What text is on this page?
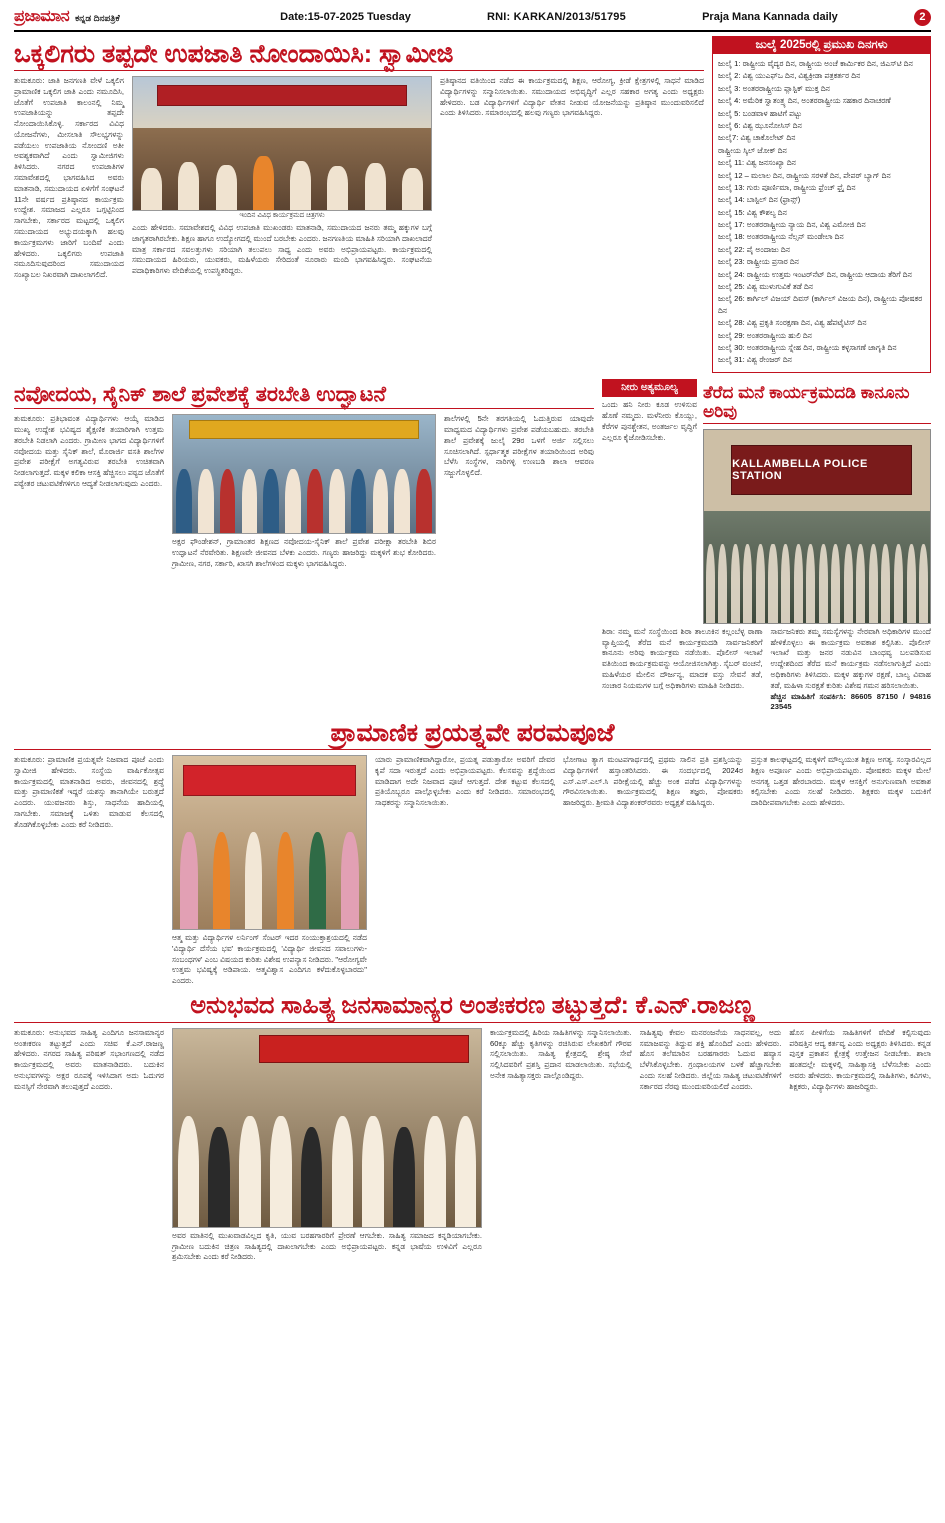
ಪ್ರಜಾಮಾನ ಕನ್ನಡ ದಿನಪತ್ರಿಕೆ	Date:15-07-2025 Tuesday	RNI: KARKAN/2013/51795	Praja Mana Kannada daily	2
ಒಕ್ಕಲಿಗರು ತಪ್ಪದೇ ಉಪಜಾತಿ ನೋಂದಾಯಿಸಿ: ಸ್ವಾಮೀಜಿ
ತುಮಕೂರು: ಜಾತಿ ಜನಗಣತಿ ವೇಳೆ ಒಕ್ಕಲಿಗ ಪ್ರಾಮಾಣಿಕ ಒಕ್ಕಲಿಗ ಜಾತಿ ಎಂದು ನಮೂದಿಸಿ, ಜೊತೆಗೆ ಉಪಜಾತಿ ಕಾಲಂನಲ್ಲಿ ನಿಮ್ಮ ಉಪಜಾತಿಯನ್ನು ತಪ್ಪದೇ ನೋಂದಾಯಿಸಿಕೊಳ್ಳಿ. ಸರ್ಕಾರದ ವಿವಿಧ ಯೋಜನೆಗಳು, ಮೀಸಲಾತಿ ಸೌಲಭ್ಯಗಳನ್ನು ಪಡೆಯಲು ಉಪಜಾತಿಯ ನೋಂದಣಿ ಅತೀ ಅವಶ್ಯಕವಾಗಿದೆ ಎಂದು ಸ್ವಾಮೀಜಿಗಳು ತಿಳಿಸಿದರು. ನಗರದ ಉಪಜಾತಿಗಳ ಸಮಾವೇಶದಲ್ಲಿ ಭಾಗವಹಿಸಿದ ಅವರು ಮಾತನಾಡಿ, ಸಮುದಾಯದ ಏಳಿಗೆಗೆ ಸಂಘಟನೆ 11ನೇ ವರ್ಷದ ಪ್ರತಿಷ್ಠಾನದ ಕಾರ್ಯಕ್ರಮ ಉದ್ದೇಶ. ಸಮಾಜದ ಎಲ್ಲರೂ ಒಗ್ಗಟ್ಟಿನಿಂದ ಸಾಗಬೇಕು, ಸರ್ಕಾರದ ಮಟ್ಟದಲ್ಲಿ ಒಕ್ಕಲಿಗ ಸಮುದಾಯದ ಅಭ್ಯುದಯಕ್ಕಾಗಿ ಹಲವು ಕಾರ್ಯಕ್ರಮಗಳು ಜಾರಿಗೆ ಬಂದಿವೆ ಎಂದು ಹೇಳಿದರು. ಒಕ್ಕಲಿಗರು ಉಪಜಾತಿ ನಮೂದಿಸುವುದರಿಂದ ಸಮುದಾಯದ ಸಂಖ್ಯಾಬಲ ನಿಖರವಾಗಿ ದಾಖಲಾಗಲಿದೆ.
ಇಂದಿನ ವಿವಿಧ ಕಾರ್ಯಕ್ರಮದ ಚಿತ್ರಗಳು
ಎಂದು ಹೇಳಿದರು. ಸಮಾವೇಶದಲ್ಲಿ ವಿವಿಧ ಉಪಜಾತಿ ಮುಖಂಡರು ಮಾತನಾಡಿ, ಸಮುದಾಯದ ಜನರು ತಮ್ಮ ಹಕ್ಕುಗಳ ಬಗ್ಗೆ ಜಾಗೃತರಾಗಿರಬೇಕು. ಶಿಕ್ಷಣ ಹಾಗೂ ಉದ್ಯೋಗದಲ್ಲಿ ಮುಂದೆ ಬರಬೇಕು ಎಂದರು. ಜನಗಣತಿಯ ಮಾಹಿತಿ ಸರಿಯಾಗಿ ದಾಖಲಾದರೆ ಮಾತ್ರ ಸರ್ಕಾರದ ಸವಲತ್ತುಗಳು ಸರಿಯಾಗಿ ತಲುಪಲು ಸಾಧ್ಯ ಎಂದು ಅವರು ಅಭಿಪ್ರಾಯಪಟ್ಟರು. ಕಾರ್ಯಕ್ರಮದಲ್ಲಿ ಸಮುದಾಯದ ಹಿರಿಯರು, ಯುವಕರು, ಮಹಿಳೆಯರು ಸೇರಿದಂತೆ ನೂರಾರು ಮಂದಿ ಭಾಗವಹಿಸಿದ್ದರು. ಸಂಘಟನೆಯ ಪದಾಧಿಕಾರಿಗಳು ವೇದಿಕೆಯಲ್ಲಿ ಉಪಸ್ಥಿತರಿದ್ದರು.
ಪ್ರತಿಷ್ಠಾನದ ವತಿಯಿಂದ ನಡೆದ ಈ ಕಾರ್ಯಕ್ರಮದಲ್ಲಿ ಶಿಕ್ಷಣ, ಆರೋಗ್ಯ, ಕ್ರೀಡೆ ಕ್ಷೇತ್ರಗಳಲ್ಲಿ ಸಾಧನೆ ಮಾಡಿದ ವಿದ್ಯಾರ್ಥಿಗಳನ್ನು ಸನ್ಮಾನಿಸಲಾಯಿತು. ಸಮುದಾಯದ ಅಭಿವೃದ್ಧಿಗೆ ಎಲ್ಲರ ಸಹಕಾರ ಅಗತ್ಯ ಎಂದು ಅಧ್ಯಕ್ಷರು ಹೇಳಿದರು. ಬಡ ವಿದ್ಯಾರ್ಥಿಗಳಿಗೆ ವಿದ್ಯಾರ್ಥಿ ವೇತನ ನೀಡುವ ಯೋಜನೆಯನ್ನು ಪ್ರತಿಷ್ಠಾನ ಮುಂದುವರಿಸಲಿದೆ ಎಂದು ತಿಳಿಸಿದರು. ಸಮಾರಂಭದಲ್ಲಿ ಹಲವು ಗಣ್ಯರು ಭಾಗವಹಿಸಿದ್ದರು.
ಜುಲೈ 2025ರಲ್ಲಿ ಪ್ರಮುಖ ದಿನಗಳು
ಜುಲೈ 1: ರಾಷ್ಟ್ರೀಯ ವೈದ್ಯರ ದಿನ, ರಾಷ್ಟ್ರೀಯ ಅಂಚೆ ಕಾರ್ಮಿಕರ ದಿನ, ಜಿಎಸ್‌ಟಿ ದಿನ
ಜುಲೈ 2: ವಿಶ್ವ ಯುಎಫ್‌ಒ ದಿನ, ವಿಶ್ವಕ್ರೀಡಾ ಪತ್ರಕರ್ತರ ದಿನ
ಜುಲೈ 3: ಅಂತರರಾಷ್ಟ್ರೀಯ ಪ್ಲಾಸ್ಟಿಕ್ ಮುಕ್ತ ದಿನ
ಜುಲೈ 4: ಅಮೆರಿಕ ಸ್ವಾತಂತ್ರ್ಯ ದಿನ, ಅಂತರರಾಷ್ಟ್ರೀಯ ಸಹಕಾರ ದಿನಾಚರಣೆ
ಜುಲೈ 5: ಬಂಡವಾಳ ಹಾಟಿಗೆ ಪಟ್ಟು
ಜುಲೈ 6: ವಿಶ್ವ ಝೂನೋಸಿಸ್ ದಿನ
ಜುಲೈ7: ವಿಶ್ವ ಚಾಕೊಲೇಟ್ ದಿನ
ರಾಷ್ಟ್ರೀಯ ಸ್ಕಿಲ್ ಜೋಕ್ ದಿನ
ಜುಲೈ 11: ವಿಶ್ವ ಜನಸಂಖ್ಯಾ ದಿನ
ಜುಲೈ 12 – ಮಲಾಲ ದಿನ, ರಾಷ್ಟ್ರೀಯ ಸರಳತೆ ದಿನ, ಪೇಪರ್ ಬ್ಯಾಗ್ ದಿನ
ಜುಲೈ 13: ಗುರು ಪೂರ್ಣಿಮಾ, ರಾಷ್ಟ್ರೀಯ ಫ್ರೆಂಚ್ ಫ್ರೈ ದಿನ
ಜುಲೈ 14: ಬಾಸ್ಟಿಲ್ ದಿನ (ಫ್ರಾನ್ಸ್)
ಜುಲೈ 15: ವಿಶ್ವ ಕೌಶಲ್ಯ ದಿನ
ಜುಲೈ 17: ಅಂತರರಾಷ್ಟ್ರೀಯ ನ್ಯಾಯ ದಿನ, ವಿಶ್ವ ಎಮೋಜಿ ದಿನ
ಜುಲೈ 18: ಅಂತರರಾಷ್ಟ್ರೀಯ ನೆಲ್ಸನ್ ಮಂಡೇಲಾ ದಿನ
ಜುಲೈ 22: ಪೈ ಅಂದಾಜು ದಿನ
ಜುಲೈ 23: ರಾಷ್ಟ್ರೀಯ ಪ್ರಸಾರ ದಿನ
ಜುಲೈ 24: ರಾಷ್ಟ್ರೀಯ ಉತ್ತಮ ಇಂಟರ್‌ನೆಟ್ ದಿನ, ರಾಷ್ಟ್ರೀಯ ಆದಾಯ ತೆರಿಗೆ ದಿನ
ಜುಲೈ 25: ವಿಶ್ವ ಮುಳುಗುವಿಕೆ ತಡೆ ದಿನ
ಜುಲೈ 26: ಕಾರ್ಗಿಲ್ ವಿಜಯ್ ದಿವಸ್ (ಕಾರ್ಗಿಲ್ ವಿಜಯ ದಿನ), ರಾಷ್ಟ್ರೀಯ ಪೋಷಕರ ದಿನ
ಜುಲೈ 28: ವಿಶ್ವ ಪ್ರಕೃತಿ ಸಂರಕ್ಷಣಾ ದಿನ, ವಿಶ್ವ ಹೆಪಟೈಟಿಸ್ ದಿನ
ಜುಲೈ 29: ಅಂತರರಾಷ್ಟ್ರೀಯ ಹುಲಿ ದಿನ
ಜುಲೈ 30: ಅಂತರರಾಷ್ಟ್ರೀಯ ಸ್ನೇಹ ದಿನ, ರಾಷ್ಟ್ರೀಯ ಕಳ್ಳಸಾಗಣೆ ಜಾಗೃತಿ ದಿನ
ಜುಲೈ 31: ವಿಶ್ವ ರೇಂಜರ್ ದಿನ
ನವೋದಯ, ಸೈನಿಕ್ ಶಾಲೆ ಪ್ರವೇಶಕ್ಕೆ ತರಬೇತಿ ಉದ್ಘಾಟನೆ
ತುಮಕೂರು: ಪ್ರತಿಭಾವಂತ ವಿದ್ಯಾರ್ಥಿಗಳು ಆಯ್ಕೆ ಮಾಡಿದ ಮುಖ್ಯ ಉದ್ದೇಶ ಭವಿಷ್ಯದ ಶೈಕ್ಷಣಿಕ ತಯಾರಿಗಾಗಿ ಉತ್ತಮ ತರಬೇತಿ ನಿಡಲಾಗಿ ಎಂದರು. ಗ್ರಾಮೀಣ ಭಾಗದ ವಿದ್ಯಾರ್ಥಿಗಳಿಗೆ ನವೋದಯ ಮತ್ತು ಸೈನಿಕ್ ಶಾಲೆ, ಮೊರಾರ್ಜಿ ವಸತಿ ಶಾಲೆಗಳ ಪ್ರವೇಶ ಪರೀಕ್ಷೆಗೆ ಅಗತ್ಯವಿರುವ ತರಬೇತಿ ಉಚಿತವಾಗಿ ನೀಡಲಾಗುತ್ತದೆ. ಮಕ್ಕಳ ಕಲಿಕಾ ಆಸಕ್ತಿ ಹೆಚ್ಚಿಸಲು ಪಠ್ಯದ ಜೊತೆಗೆ ಪಠ್ಯೇತರ ಚಟುವಟಿಕೆಗಳಿಗೂ ಆದ್ಯತೆ ನೀಡಲಾಗುವುದು ಎಂದರು.
ಅಕ್ಷರ ಫೌಂಡೇಶನ್, ಗ್ರಾಮಾಂತರ ಶಿಕ್ಷಣದ ನವೋದಯ-ಸೈನಿಕ್ ಶಾಲೆ ಪ್ರವೇಶ ಪರೀಕ್ಷಾ ತರಬೇತಿ ಶಿಬಿರ ಉದ್ಘಾಟನೆ ನೆರವೇರಿತು. ಶಿಕ್ಷಣವೇ ಜೀವನದ ಬೆಳಕು ಎಂದರು. ಗಣ್ಯರು ಹಾಜರಿದ್ದು ಮಕ್ಕಳಿಗೆ ಶುಭ ಕೋರಿದರು. ಗ್ರಾಮೀಣ, ನಗರ, ಸರ್ಕಾರಿ, ಖಾಸಗಿ ಶಾಲೆಗಳಿಂದ ಮಕ್ಕಳು ಭಾಗವಹಿಸಿದ್ದರು.
ಶಾಲೆಗಳಲ್ಲಿ 5ನೇ ತರಗತಿಯಲ್ಲಿ ಓದುತ್ತಿರುವ ಯಾವುದೇ ಮಾಧ್ಯಮದ ವಿದ್ಯಾರ್ಥಿಗಳು ಪ್ರವೇಶ ಪಡೆಯಬಹುದು. ತರಬೇತಿ ಶಾಲೆ ಪ್ರವೇಶಕ್ಕೆ ಜುಲೈ 29ರ ಒಳಗೆ ಅರ್ಜಿ ಸಲ್ಲಿಸಲು ಸೂಚಿಸಲಾಗಿದೆ. ಸ್ಪರ್ಧಾತ್ಮಕ ಪರೀಕ್ಷೆಗಳ ತಯಾರಿಯಿಂದ ಅರಿವು ಬೆಳೆಸಿ ಸಂಸ್ಥೆಗಳ, ನಾರಿಗಳ್ಳಿ ಉಣಬಡಿ ಶಾಲಾ ಆವರಣ ಸಜ್ಜುಗೊಳ್ಳಲಿದೆ.
ನೀರು ಅತ್ಯಮೂಲ್ಯ
ಒಂದು ಹನಿ ನೀರು ಕೂಡ ಉಳಿಸುವ ಹೊಣೆ ನಮ್ಮದು. ಮಳೆನೀರು ಕೊಯ್ಲು, ಕೆರೆಗಳ ಪುನಶ್ಚೇತನ, ಅಂತರ್ಜಲ ವೃದ್ಧಿಗೆ ಎಲ್ಲರೂ ಕೈಜೋಡಿಸಬೇಕು.
ತೆರೆದ ಮನೆ ಕಾರ್ಯಕ್ರಮದಡಿ ಕಾನೂನು ಅರಿವು
KALLAMBELLA POLICE STATION
ಶಿರಾ: ನಮ್ಮ ಮನೆ ಸಂಸ್ಥೆಯಿಂದ ಶಿರಾ ತಾಲೂಕಿನ ಕಲ್ಲಂಬೆಳ್ಳ ಠಾಣಾ ವ್ಯಾಪ್ತಿಯಲ್ಲಿ ತೆರೆದ ಮನೆ ಕಾರ್ಯಕ್ರಮದಡಿ ಸಾರ್ವಜನಿಕರಿಗೆ ಕಾನೂನು ಅರಿವು ಕಾರ್ಯಕ್ರಮ ನಡೆಯಿತು. ಪೊಲೀಸ್ ಇಲಾಖೆ ವತಿಯಿಂದ ಕಾರ್ಯಕ್ರಮವನ್ನು ಆಯೋಜಿಸಲಾಗಿತ್ತು. ಸೈಬರ್ ವಂಚನೆ, ಮಹಿಳೆಯರ ಮೇಲಿನ ದೌರ್ಜನ್ಯ, ಮಾದಕ ವಸ್ತು ಸೇವನೆ ತಡೆ, ಸಂಚಾರ ನಿಯಮಗಳ ಬಗ್ಗೆ ಅಧಿಕಾರಿಗಳು ಮಾಹಿತಿ ನೀಡಿದರು.
ಸಾರ್ವಜನಿಕರು ತಮ್ಮ ಸಮಸ್ಯೆಗಳನ್ನು ನೇರವಾಗಿ ಅಧಿಕಾರಿಗಳ ಮುಂದೆ ಹೇಳಿಕೊಳ್ಳಲು ಈ ಕಾರ್ಯಕ್ರಮ ಅವಕಾಶ ಕಲ್ಪಿಸಿತು. ಪೊಲೀಸ್ ಇಲಾಖೆ ಮತ್ತು ಜನರ ನಡುವಿನ ಬಾಂಧವ್ಯ ಬಲಪಡಿಸುವ ಉದ್ದೇಶದಿಂದ ತೆರೆದ ಮನೆ ಕಾರ್ಯಕ್ರಮ ನಡೆಸಲಾಗುತ್ತಿದೆ ಎಂದು ಅಧಿಕಾರಿಗಳು ತಿಳಿಸಿದರು. ಮಕ್ಕಳ ಹಕ್ಕುಗಳ ರಕ್ಷಣೆ, ಬಾಲ್ಯ ವಿವಾಹ ತಡೆ, ಮಹಿಳಾ ಸುರಕ್ಷತೆ ಕುರಿತು ವಿಶೇಷ ಗಮನ ಹರಿಸಲಾಯಿತು.
ಹೆಚ್ಚಿನ ಮಾಹಿತಿಗೆ ಸಂಪರ್ಕಿಸಿ: 86605 87150 / 94816 23545
ಪ್ರಾಮಾಣಿಕ ಪ್ರಯತ್ನವೇ ಪರಮಪೂಜೆ
ತುಮಕೂರು: ಪ್ರಾಮಾಣಿಕ ಪ್ರಯತ್ನವೇ ನಿಜವಾದ ಪೂಜೆ ಎಂದು ಸ್ವಾಮೀಜಿ ಹೇಳಿದರು. ಸಂಸ್ಥೆಯ ವಾರ್ಷಿಕೋತ್ಸವ ಕಾರ್ಯಕ್ರಮದಲ್ಲಿ ಮಾತನಾಡಿದ ಅವರು, ಜೀವನದಲ್ಲಿ ಶ್ರದ್ಧೆ ಮತ್ತು ಪ್ರಾಮಾಣಿಕತೆ ಇದ್ದರೆ ಯಶಸ್ಸು ತಾನಾಗಿಯೇ ಬರುತ್ತದೆ ಎಂದರು. ಯುವಜನರು ಶಿಸ್ತು, ಸಾಧನೆಯ ಹಾದಿಯಲ್ಲಿ ಸಾಗಬೇಕು. ಸಮಾಜಕ್ಕೆ ಒಳಿತು ಮಾಡುವ ಕೆಲಸದಲ್ಲಿ ತೊಡಗಿಕೊಳ್ಳಬೇಕು ಎಂದು ಕರೆ ನೀಡಿದರು.
ಆತ್ಮ ಮತ್ತು ವಿದ್ಯಾರ್ಥಿಗಳ ಲರ್ನಿಂಗ್ ಸೆಂಟರ್ ಇದರ ಸಂಯುಕ್ತಾಶ್ರಯದಲ್ಲಿ ನಡೆದ 'ವಿದ್ಯಾರ್ಥಿ ದೆಸೆಯ ಭವ' ಕಾರ್ಯಕ್ರಮದಲ್ಲಿ 'ವಿದ್ಯಾರ್ಥಿ ಜೀವನದ ಸವಾಲುಗಳು-ಸಂಬಂಧಗಳ' ಎಂಬ ವಿಷಯದ ಕುರಿತು ವಿಶೇಷ ಉಪನ್ಯಾಸ ನೀಡಿದರು. "ಆರೋಗ್ಯವೇ ಉತ್ತಮ ಭವಿಷ್ಯಕ್ಕೆ ಅಡಿಪಾಯ. ಆತ್ಮವಿಶ್ವಾಸ ಎಂದಿಗೂ ಕಳೆದುಕೊಳ್ಳಬಾರದು" ಎಂದರು.
ಯಾರು ಪ್ರಾಮಾಣಿಕವಾಗಿದ್ದಾರೋ, ಪ್ರಯತ್ನ ಪಡುತ್ತಾರೋ ಅವರಿಗೆ ದೇವರ ಕೃಪೆ ಸದಾ ಇರುತ್ತದೆ ಎಂದು ಅಭಿಪ್ರಾಯಪಟ್ಟರು. ಕೆಲಸವನ್ನು ಶ್ರದ್ಧೆಯಿಂದ ಮಾಡಿದಾಗ ಅದೇ ನಿಜವಾದ ಪೂಜೆ ಆಗುತ್ತದೆ. ದೇಶ ಕಟ್ಟುವ ಕೆಲಸದಲ್ಲಿ ಪ್ರತಿಯೊಬ್ಬರೂ ಪಾಲ್ಗೊಳ್ಳಬೇಕು ಎಂದು ಕರೆ ನೀಡಿದರು. ಸಮಾರಂಭದಲ್ಲಿ ಸಾಧಕರನ್ನು ಸನ್ಮಾನಿಸಲಾಯಿತು.
ಭೋಗಾಟ ತ್ಯಾಗ ಮಂಟಪಗಾರ್ಥದಲ್ಲಿ ಪ್ರಥಮ ಸಾಲಿನ ಪ್ರತಿ ಪ್ರಶಸ್ತಿಯನ್ನು ವಿದ್ಯಾರ್ಥಿಗಳಿಗೆ ಹಸ್ತಾಂತರಿಸಿದರು. ಈ ಸಂದರ್ಭದಲ್ಲಿ 2024ರ ಎಸ್.ಎಸ್.ಎಲ್.ಸಿ ಪರೀಕ್ಷೆಯಲ್ಲಿ ಹೆಚ್ಚು ಅಂಕ ಪಡೆದ ವಿದ್ಯಾರ್ಥಿಗಳನ್ನು ಗೌರವಿಸಲಾಯಿತು. ಕಾರ್ಯಕ್ರಮದಲ್ಲಿ ಶಿಕ್ಷಣ ತಜ್ಞರು, ಪೋಷಕರು ಹಾಜರಿದ್ದರು. ಶ್ರೀಮತಿ ವಿದ್ಯಾಶಂಕರ್‌ರವರು ಅಧ್ಯಕ್ಷತೆ ವಹಿಸಿದ್ದರು.
ಪ್ರಸ್ತುತ ಕಾಲಘಟ್ಟದಲ್ಲಿ ಮಕ್ಕಳಿಗೆ ಮೌಲ್ಯಯುತ ಶಿಕ್ಷಣ ಅಗತ್ಯ. ಸಂಸ್ಕಾರವಿಲ್ಲದ ಶಿಕ್ಷಣ ಅಪೂರ್ಣ ಎಂದು ಅಭಿಪ್ರಾಯಪಟ್ಟರು. ಪೋಷಕರು ಮಕ್ಕಳ ಮೇಲೆ ಅನಗತ್ಯ ಒತ್ತಡ ಹೇರಬಾರದು. ಮಕ್ಕಳ ಆಸಕ್ತಿಗೆ ಅನುಗುಣವಾಗಿ ಅವಕಾಶ ಕಲ್ಪಿಸಬೇಕು ಎಂದು ಸಲಹೆ ನೀಡಿದರು. ಶಿಕ್ಷಕರು ಮಕ್ಕಳ ಬದುಕಿಗೆ ದಾರಿದೀಪವಾಗಬೇಕು ಎಂದು ಹೇಳಿದರು.
ಅನುಭವದ ಸಾಹಿತ್ಯ ಜನಸಾಮಾನ್ಯರ ಅಂತಃಕರಣ ತಟ್ಟುತ್ತದೆ: ಕೆ.ಎನ್.ರಾಜಣ್ಣ
ತುಮಕೂರು: ಅನುಭವದ ಸಾಹಿತ್ಯ ಎಂದಿಗೂ ಜನಸಾಮಾನ್ಯರ ಅಂತಃಕರಣ ತಟ್ಟುತ್ತದೆ ಎಂದು ಸಚಿವ ಕೆ.ಎನ್.ರಾಜಣ್ಣ ಹೇಳಿದರು. ನಗರದ ಸಾಹಿತ್ಯ ಪರಿಷತ್ ಸಭಾಂಗಣದಲ್ಲಿ ನಡೆದ ಕಾರ್ಯಕ್ರಮದಲ್ಲಿ ಅವರು ಮಾತನಾಡಿದರು. ಬದುಕಿನ ಅನುಭವಗಳನ್ನು ಅಕ್ಷರ ರೂಪಕ್ಕೆ ಇಳಿಸಿದಾಗ ಅದು ಓದುಗರ ಮನಸ್ಸಿಗೆ ನೇರವಾಗಿ ತಲುಪುತ್ತದೆ ಎಂದರು.
ಅವರ ಮಾತಿನಲ್ಲಿ ಮುಖವಾಡವಿಲ್ಲದ ಕೃತಿ, ಯುವ ಬರಹಗಾರರಿಗೆ ಪ್ರೇರಣೆ ಆಗಬೇಕು. ಸಾಹಿತ್ಯ ಸಮಾಜದ ಕನ್ನಡಿಯಾಗಬೇಕು. ಗ್ರಾಮೀಣ ಬದುಕಿನ ಚಿತ್ರಣ ಸಾಹಿತ್ಯದಲ್ಲಿ ದಾಖಲಾಗಬೇಕು ಎಂದು ಅಭಿಪ್ರಾಯಪಟ್ಟರು. ಕನ್ನಡ ಭಾಷೆಯ ಉಳಿವಿಗೆ ಎಲ್ಲರೂ ಶ್ರಮಿಸಬೇಕು ಎಂದು ಕರೆ ನೀಡಿದರು.
ಕಾರ್ಯಕ್ರಮದಲ್ಲಿ ಹಿರಿಯ ಸಾಹಿತಿಗಳನ್ನು ಸನ್ಮಾನಿಸಲಾಯಿತು. 60ಕ್ಕೂ ಹೆಚ್ಚು ಕೃತಿಗಳನ್ನು ರಚಿಸಿರುವ ಲೇಖಕರಿಗೆ ಗೌರವ ಸಲ್ಲಿಸಲಾಯಿತು. ಸಾಹಿತ್ಯ ಕ್ಷೇತ್ರದಲ್ಲಿ ಶ್ರೇಷ್ಠ ಸೇವೆ ಸಲ್ಲಿಸಿದವರಿಗೆ ಪ್ರಶಸ್ತಿ ಪ್ರದಾನ ಮಾಡಲಾಯಿತು. ಸಭೆಯಲ್ಲಿ ಅನೇಕ ಸಾಹಿತ್ಯಾಸಕ್ತರು ಪಾಲ್ಗೊಂಡಿದ್ದರು.
ಸಾಹಿತ್ಯವು ಕೇವಲ ಮನರಂಜನೆಯ ಸಾಧನವಲ್ಲ, ಅದು ಸಮಾಜವನ್ನು ತಿದ್ದುವ ಶಕ್ತಿ ಹೊಂದಿದೆ ಎಂದು ಹೇಳಿದರು. ಹೊಸ ತಲೆಮಾರಿನ ಬರಹಗಾರರು ಓದುವ ಹವ್ಯಾಸ ಬೆಳೆಸಿಕೊಳ್ಳಬೇಕು. ಗ್ರಂಥಾಲಯಗಳ ಬಳಕೆ ಹೆಚ್ಚಾಗಬೇಕು ಎಂದು ಸಲಹೆ ನೀಡಿದರು. ಜಿಲ್ಲೆಯ ಸಾಹಿತ್ಯ ಚಟುವಟಿಕೆಗಳಿಗೆ ಸರ್ಕಾರದ ನೆರವು ಮುಂದುವರಿಯಲಿದೆ ಎಂದರು.
ಹೊಸ ಪೀಳಿಗೆಯ ಸಾಹಿತಿಗಳಿಗೆ ವೇದಿಕೆ ಕಲ್ಪಿಸುವುದು ಪರಿಷತ್ತಿನ ಆದ್ಯ ಕರ್ತವ್ಯ ಎಂದು ಅಧ್ಯಕ್ಷರು ತಿಳಿಸಿದರು. ಕನ್ನಡ ಪುಸ್ತಕ ಪ್ರಕಾಶನ ಕ್ಷೇತ್ರಕ್ಕೆ ಉತ್ತೇಜನ ನೀಡಬೇಕು. ಶಾಲಾ ಹಂತದಲ್ಲೇ ಮಕ್ಕಳಲ್ಲಿ ಸಾಹಿತ್ಯಾಸಕ್ತಿ ಬೆಳೆಸಬೇಕು ಎಂದು ಅವರು ಹೇಳಿದರು. ಕಾರ್ಯಕ್ರಮದಲ್ಲಿ ಸಾಹಿತಿಗಳು, ಕವಿಗಳು, ಶಿಕ್ಷಕರು, ವಿದ್ಯಾರ್ಥಿಗಳು ಹಾಜರಿದ್ದರು.
